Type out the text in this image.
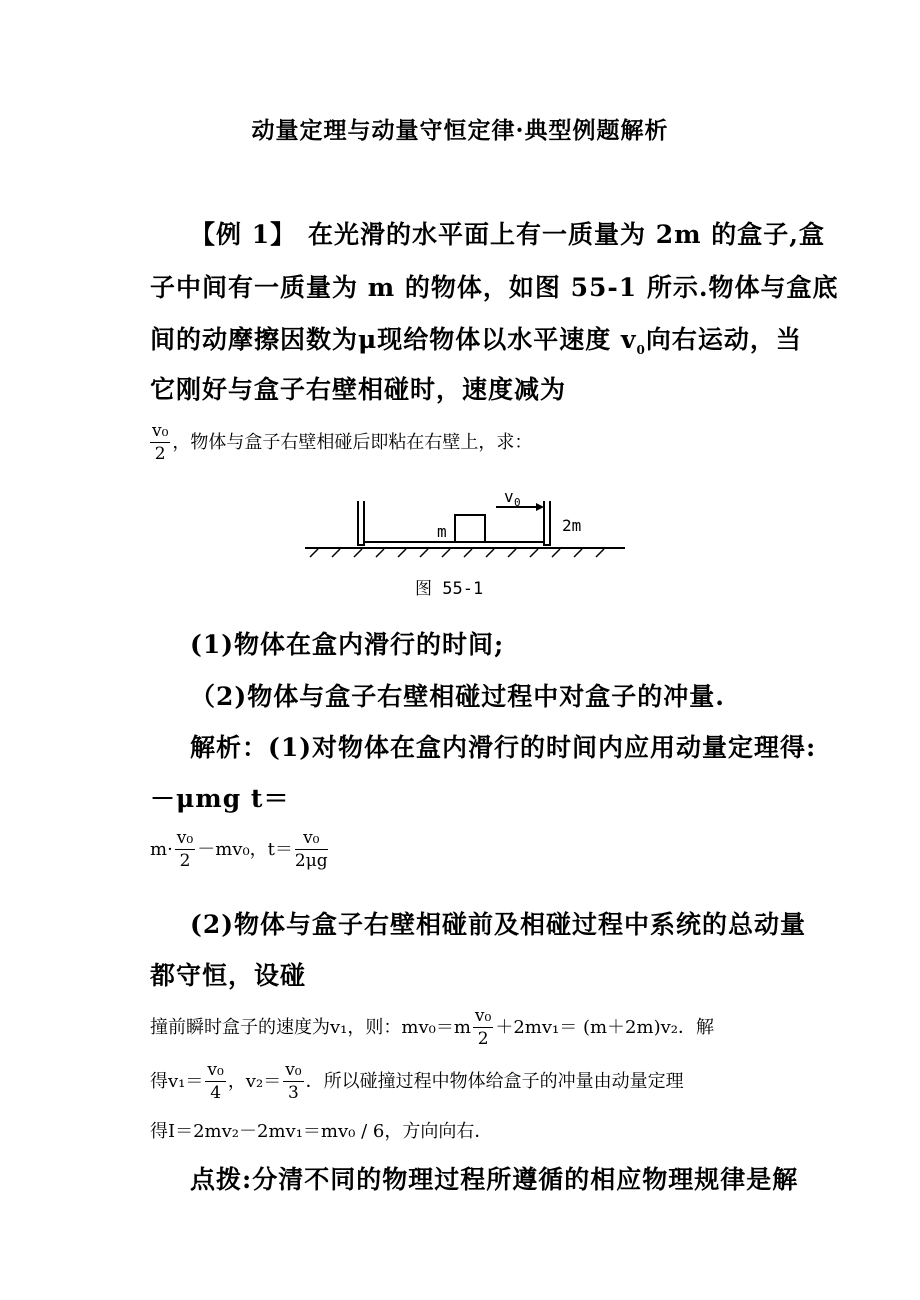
动量定理与动量守恒定律·典型例题解析
【例 1】 在光滑的水平面上有一质量为 2m 的盒子,盒
子中间有一质量为 m 的物体，如图 55-1 所示.物体与盒底
间的动摩擦因数为μ现给物体以水平速度 $v_0$向右运动，当
它刚好与盒子右壁相碰时，速度减为
$\frac{\text{v₀}}{2}$ ，物体与盒子右壁相碰后即粘在右壁上，求：
m
v 0
2m
图 55-1
(1)物体在盒内滑行的时间;
（2)物体与盒子右壁相碰过程中对盒子的冲量.
解析：(1)对物体在盒内滑行的时间内应用动量定理得:
－μmg t＝
$m\cdot \frac{\text{v₀}}{2} -mv_0$，$t= \frac{\text{v₀}}{2\mu g}$
(2)物体与盒子右壁相碰前及相碰过程中系统的总动量
都守恒，设碰
撞前瞬时盒子的速度为v₁，则：$mv_0=m \frac{\text{v₀}}{2} +2mv_1= (m+2m)v_2$．解
得$v_1= \frac{\text{v₀}}{4}$ ，$v_2= \frac{\text{v₀}}{3}$ ．所以碰撞过程中物体给盒子的冲量由动量定理
得I＝2mv₂－2mv₁＝mv₀ / 6，方向向右．
点拨:分清不同的物理过程所遵循的相应物理规律是解
